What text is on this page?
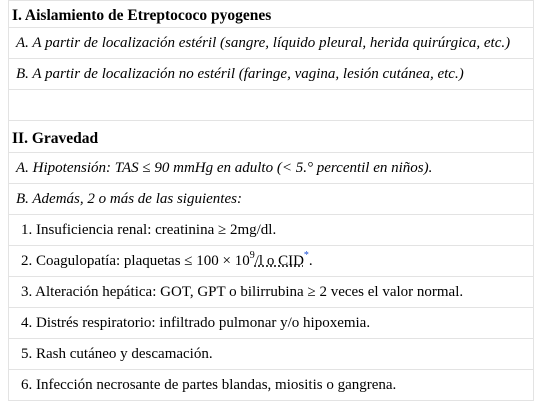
I. Aislamiento de Etreptococo pyogenes
A. A partir de localización estéril (sangre, líquido pleural, herida quirúrgica, etc.)
B. A partir de localización no estéril (faringe, vagina, lesión cutánea, etc.)
II. Gravedad
A. Hipotensión: TAS ≤ 90 mmHg en adulto (< 5.° percentil en niños).
B. Además, 2 o más de las siguientes:
1. Insuficiencia renal: creatinina ≥ 2mg/dl.
2. Coagulopatía: plaquetas ≤ $100 \times 10^9/l$ o CID*.
3. Alteración hepática: GOT, GPT o bilirrubina ≥ 2 veces el valor normal.
4. Distrés respiratorio: infiltrado pulmonar y/o hipoxemia.
5. Rash cutáneo y descamación.
6. Infección necrosante de partes blandas, miositis o gangrena.
